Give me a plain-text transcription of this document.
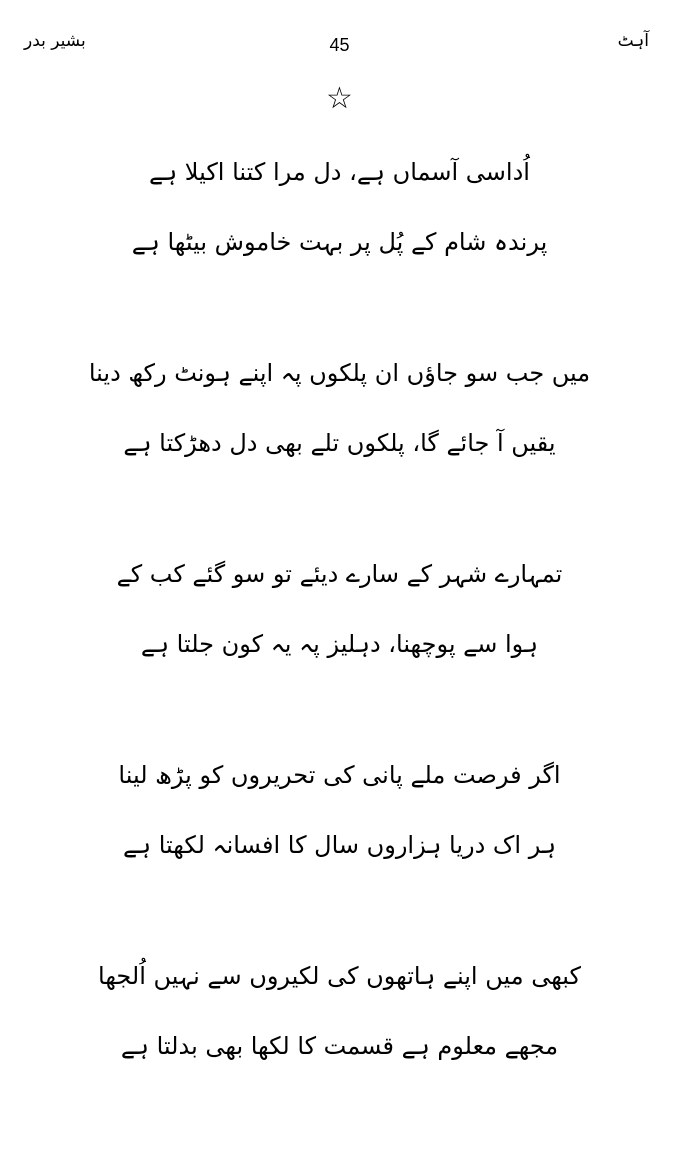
بشیر بدر	45	آہٹ
☆
اُداسی آسماں ہے، دل مرا کتنا اکیلا ہے
پرندہ شام کے پُل پر بہت خاموش بیٹھا ہے
میں جب سو جاؤں ان پلکوں پہ اپنے ہونٹ رکھ دینا
یقیں آ جائے گا، پلکوں تلے بھی دل دھڑکتا ہے
تمہارے شہر کے سارے دیئے تو سو گئے کب کے
ہوا سے پوچھنا، دہلیز پہ یہ کون جلتا ہے
اگر فرصت ملے پانی کی تحریروں کو پڑھ لینا
ہر اک دریا ہزاروں سال کا افسانہ لکھتا ہے
کبھی میں اپنے ہاتھوں کی لکیروں سے نہیں اُلجھا
مجھے معلوم ہے قسمت کا لکھا بھی بدلتا ہے
